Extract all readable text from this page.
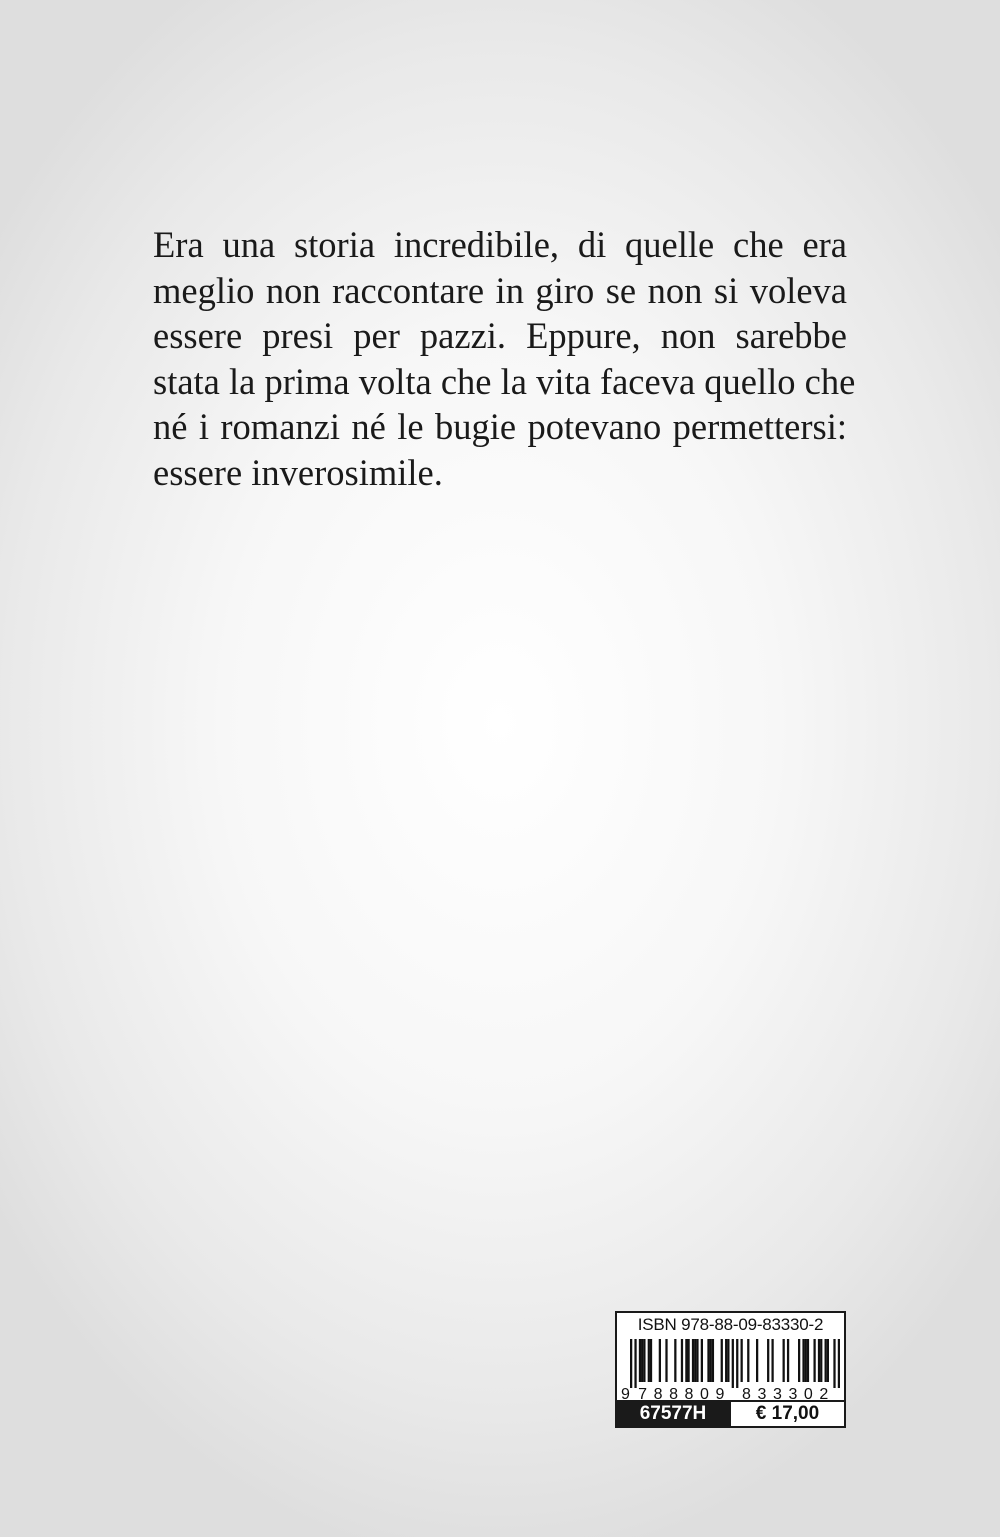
Era una storia incredibile, di quelle che era
meglio non raccontare in giro se non si voleva
essere presi per pazzi. Eppure, non sarebbe
stata la prima volta che la vita faceva quello che
né i romanzi né le bugie potevano permettersi:
essere inverosimile.

ISBN 978-88-09-83330-2
9 7 8 8 8 0 9 8 3 3 3 0 2
67577H	€ 17,00
